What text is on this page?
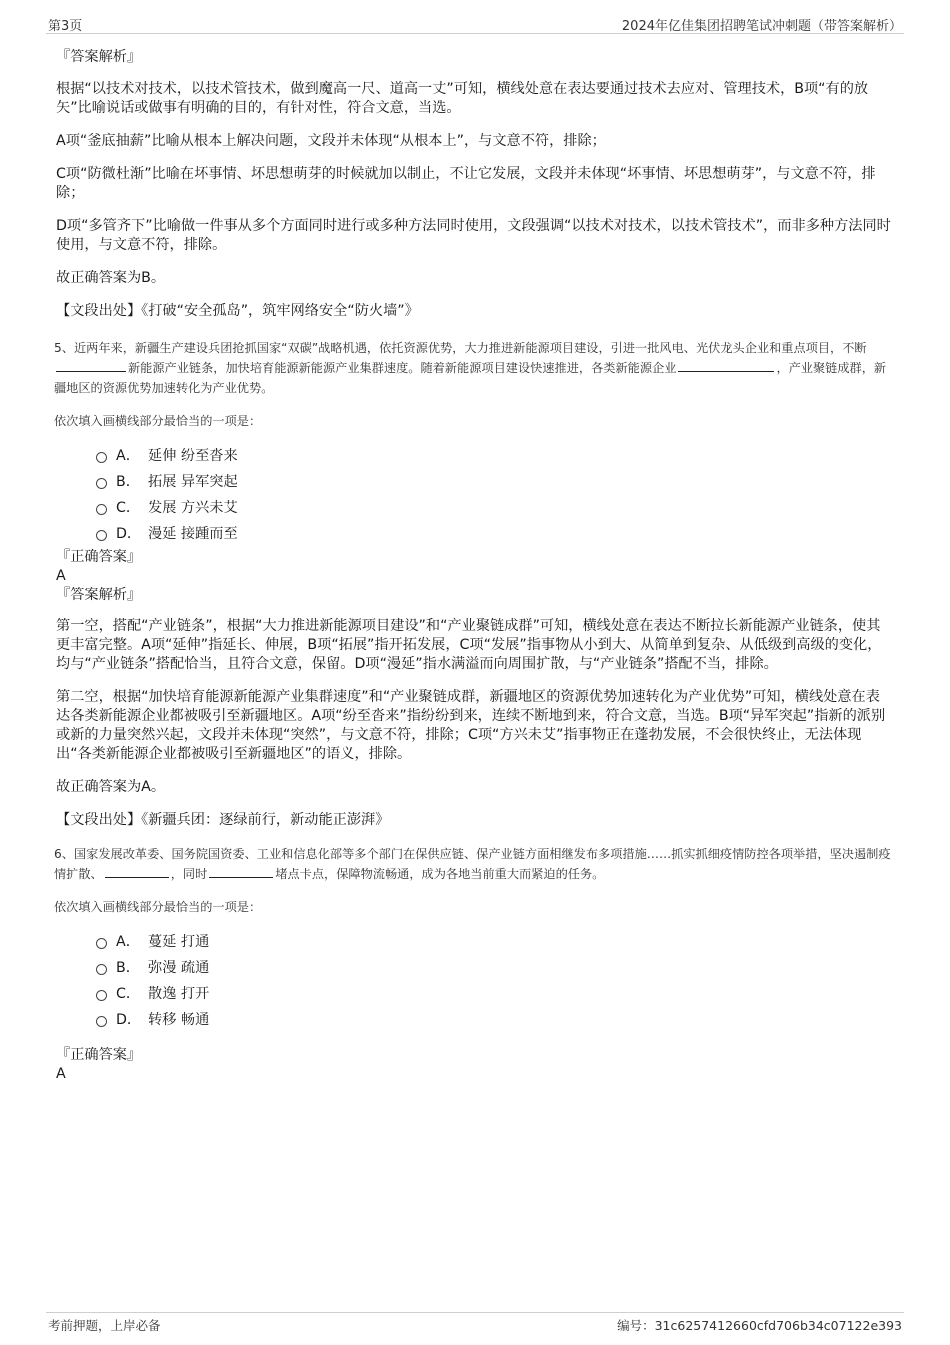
第3页	2024年亿佳集团招聘笔试冲刺题（带答案解析）
『答案解析』

根据“以技术对技术，以技术管技术，做到魔高一尺、道高一丈”可知，横线处意在表达要通过技术去应对、管理技术，B项“有的放矢”比喻说话或做事有明确的目的，有针对性，符合文意，当选。

A项“釜底抽薪”比喻从根本上解决问题，文段并未体现“从根本上”，与文意不符，排除；

C项“防微杜渐”比喻在坏事情、坏思想萌芽的时候就加以制止，不让它发展，文段并未体现“坏事情、坏思想萌芽”，与文意不符，排除；

D项“多管齐下”比喻做一件事从多个方面同时进行或多种方法同时使用，文段强调“以技术对技术，以技术管技术”，而非多种方法同时使用，与文意不符，排除。

故正确答案为B。

【文段出处】《打破“安全孤岛”，筑牢网络安全“防火墙”》

5、近两年来，新疆生产建设兵团抢抓国家“双碳”战略机遇，依托资源优势，大力推进新能源项目建设，引进一批风电、光伏龙头企业和重点项目，不断新能源产业链条，加快培育能源新能源产业集群速度。随着新能源项目建设快速推进，各类新能源企业	，产业聚链成群，新疆地区的资源优势加速转化为产业优势。

依次填入画横线部分最恰当的一项是：
A． 延伸 纷至沓来
B． 拓展 异军突起
C． 发展 方兴未艾
D． 漫延 接踵而至
『正确答案』
A
『答案解析』

第一空，搭配“产业链条”，根据“大力推进新能源项目建设”和“产业聚链成群”可知，横线处意在表达不断拉长新能源产业链条，使其更丰富完整。A项“延伸”指延长、伸展，B项“拓展”指开拓发展，C项“发展”指事物从小到大、从简单到复杂、从低级到高级的变化，均与“产业链条”搭配恰当，且符合文意，保留。D项“漫延”指水满溢而向周围扩散，与“产业链条”搭配不当，排除。

第二空，根据“加快培育能源新能源产业集群速度”和“产业聚链成群，新疆地区的资源优势加速转化为产业优势”可知，横线处意在表达各类新能源企业都被吸引至新疆地区。A项“纷至沓来”指纷纷到来，连续不断地到来，符合文意，当选。B项“异军突起”指新的派别或新的力量突然兴起，文段并未体现“突然”，与文意不符，排除；C项“方兴未艾”指事物正在蓬勃发展，不会很快终止，无法体现出“各类新能源企业都被吸引至新疆地区”的语义，排除。

故正确答案为A。

【文段出处】《新疆兵团：逐绿前行，新动能正澎湃》

6、国家发展改革委、国务院国资委、工业和信息化部等多个部门在保供应链、保产业链方面相继发布多项措施……抓实抓细疫情防控各项举措，坚决遏制疫情扩散、	，同时	堵点卡点，保障物流畅通，成为各地当前重大而紧迫的任务。

依次填入画横线部分最恰当的一项是：
A． 蔓延 打通
B． 弥漫 疏通
C． 散逸 打开
D． 转移 畅通
『正确答案』
A
考前押题，上岸必备	编号：31c6257412660cfd706b34c07122e393
